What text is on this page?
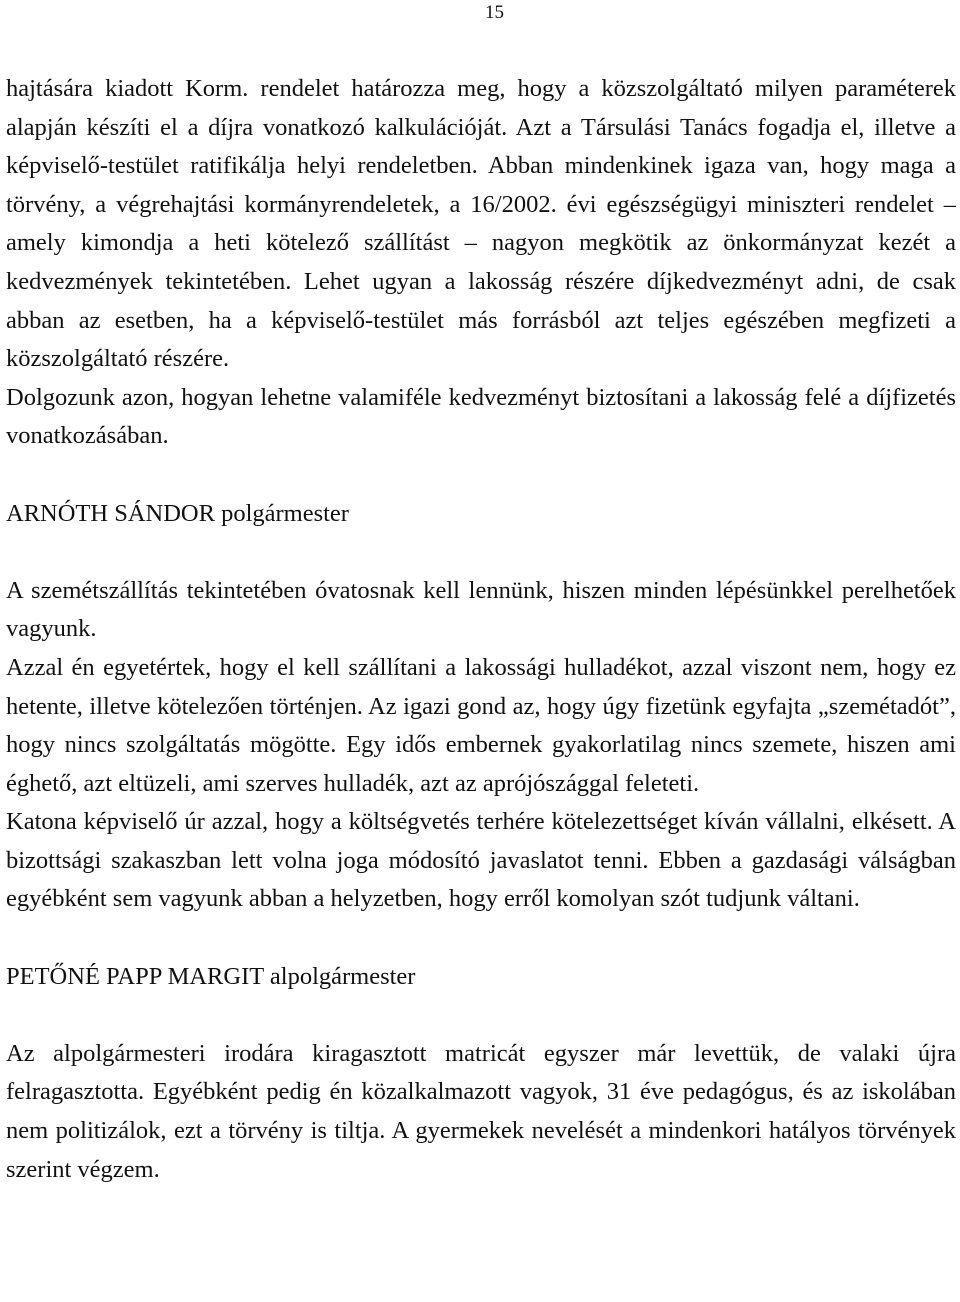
15

hajtására kiadott Korm. rendelet határozza meg, hogy a közszolgáltató milyen paraméterek alapján készíti el a díjra vonatkozó kalkulációját. Azt a Társulási Tanács fogadja el, illetve a képviselő-testület ratifikálja helyi rendeletben. Abban mindenkinek igaza van, hogy maga a törvény, a végrehajtási kormányrendeletek, a 16/2002. évi egészségügyi miniszteri rendelet – amely kimondja a heti kötelező szállítást – nagyon megkötik az önkormányzat kezét a kedvezmények tekintetében. Lehet ugyan a lakosság részére díjkedvezményt adni, de csak abban az esetben, ha a képviselő-testület más forrásból azt teljes egészében megfizeti a közszolgáltató részére.

Dolgozunk azon, hogyan lehetne valamiféle kedvezményt biztosítani a lakosság felé a díjfizetés vonatkozásában.

ARNÓTH SÁNDOR polgármester

A szemétszállítás tekintetében óvatosnak kell lennünk, hiszen minden lépésünkkel perelhetőek vagyunk.

Azzal én egyetértek, hogy el kell szállítani a lakossági hulladékot, azzal viszont nem, hogy ez hetente, illetve kötelezően történjen. Az igazi gond az, hogy úgy fizetünk egyfajta „szemétadót”, hogy nincs szolgáltatás mögötte. Egy idős embernek gyakorlatilag nincs szemete, hiszen ami éghető, azt eltüzeli, ami szerves hulladék, azt az aprójószággal feleteti.

Katona képviselő úr azzal, hogy a költségvetés terhére kötelezettséget kíván vállalni, elkésett. A bizottsági szakaszban lett volna joga módosító javaslatot tenni. Ebben a gazdasági válságban egyébként sem vagyunk abban a helyzetben, hogy erről komolyan szót tudjunk váltani.

PETŐNÉ PAPP MARGIT alpolgármester

Az alpolgármesteri irodára kiragasztott matricát egyszer már levettük, de valaki újra felragasztotta. Egyébként pedig én közalkalmazott vagyok, 31 éve pedagógus, és az iskolában nem politizálok, ezt a törvény is tiltja. A gyermekek nevelését a mindenkori hatályos törvények szerint végzem.
